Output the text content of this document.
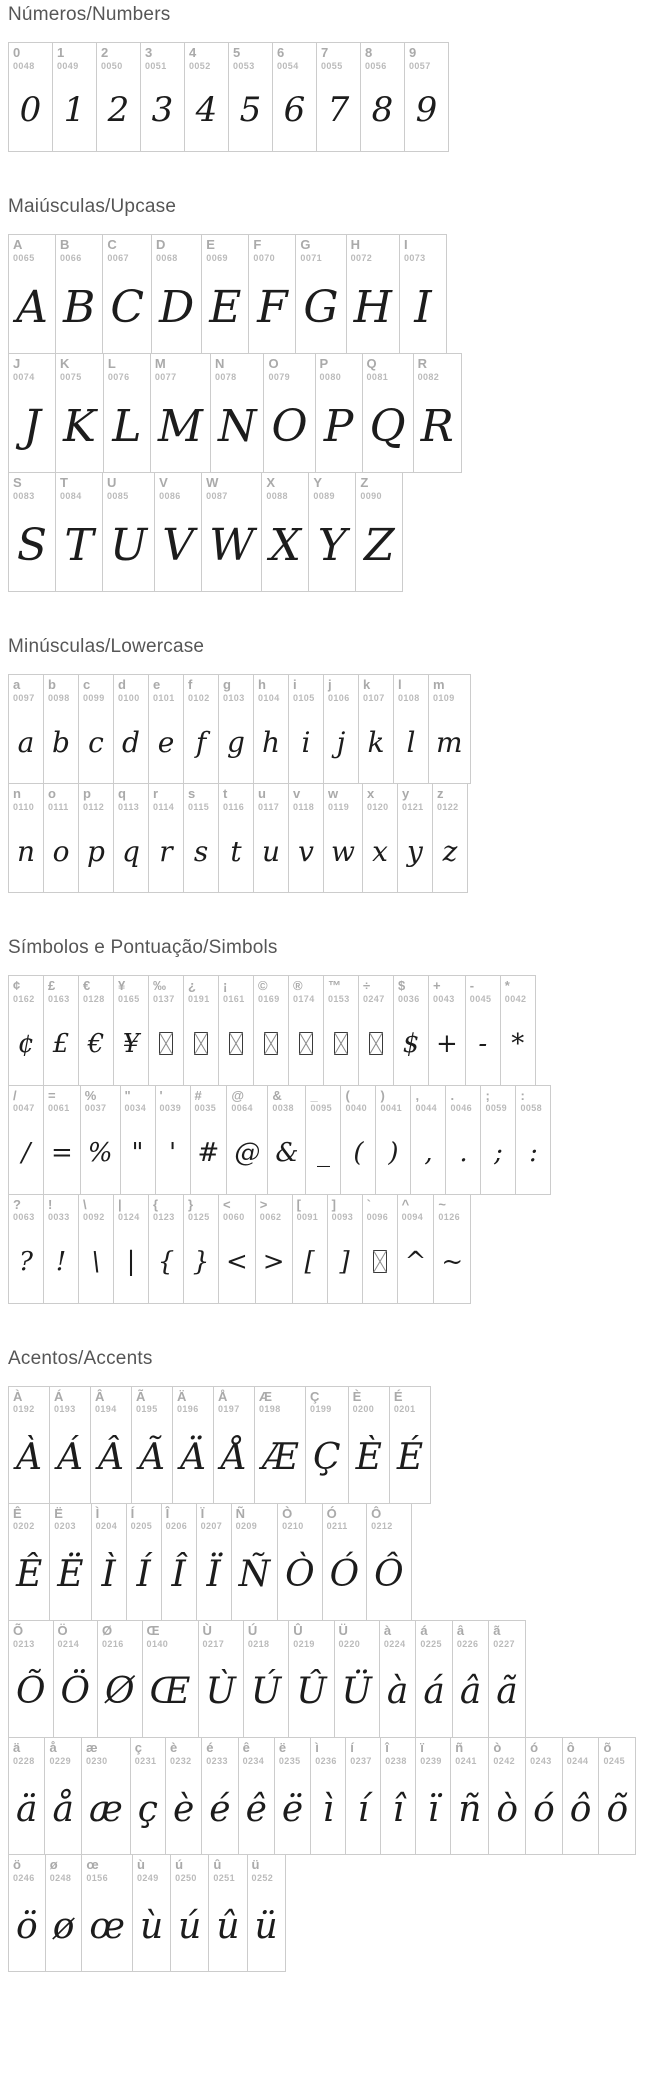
Números/Numbers
0
0048
0
1
0049
1
2
0050
2
3
0051
3
4
0052
4
5
0053
5
6
0054
6
7
0055
7
8
0056
8
9
0057
9
Maiúsculas/Upcase
A
0065
A
B
0066
B
C
0067
C
D
0068
D
E
0069
E
F
0070
F
G
0071
G
H
0072
H
I
0073
I
J
0074
J
K
0075
K
L
0076
L
M
0077
M
N
0078
N
O
0079
O
P
0080
P
Q
0081
Q
R
0082
R
S
0083
S
T
0084
T
U
0085
U
V
0086
V
W
0087
W
X
0088
X
Y
0089
Y
Z
0090
Z
Minúsculas/Lowercase
a
0097
a
b
0098
b
c
0099
c
d
0100
d
e
0101
e
f
0102
f
g
0103
g
h
0104
h
i
0105
i
j
0106
j
k
0107
k
l
0108
l
m
0109
m
n
0110
n
o
0111
o
p
0112
p
q
0113
q
r
0114
r
s
0115
s
t
0116
t
u
0117
u
v
0118
v
w
0119
w
x
0120
x
y
0121
y
z
0122
z
Símbolos e Pontuação/Simbols
¢
0162
¢
£
0163
£
€
0128
€
¥
0165
¥
‰
0137
¿
0191
¡
0161
©
0169
®
0174
™
0153
÷
0247
$
0036
$
+
0043
+
-
0045
-
*
0042
*
/
0047
/
=
0061
=
%
0037
%
"
0034
"
'
0039
'
#
0035
#
@
0064
@
&
0038
&
_
0095
_
(
0040
(
)
0041
)
,
0044
,
.
0046
.
;
0059
;
:
0058
:
?
0063
?
!
0033
!
\
0092
\
|
0124
|
{
0123
{
}
0125
}
<
0060
<
>
0062
>
[
0091
[
]
0093
]
`
0096
^
0094
^
~
0126
~
Acentos/Accents
À
0192
À
Á
0193
Á
Â
0194
Â
Ã
0195
Ã
Ä
0196
Ä
Å
0197
Å
Æ
0198
Æ
Ç
0199
Ç
È
0200
È
É
0201
É
Ê
0202
Ê
Ë
0203
Ë
Ì
0204
Ì
Í
0205
Í
Î
0206
Î
Ï
0207
Ï
Ñ
0209
Ñ
Ò
0210
Ò
Ó
0211
Ó
Ô
0212
Ô
Õ
0213
Õ
Ö
0214
Ö
Ø
0216
Ø
Œ
0140
Œ
Ù
0217
Ù
Ú
0218
Ú
Û
0219
Û
Ü
0220
Ü
à
0224
à
á
0225
á
â
0226
â
ã
0227
ã
ä
0228
ä
å
0229
å
æ
0230
æ
ç
0231
ç
è
0232
è
é
0233
é
ê
0234
ê
ë
0235
ë
ì
0236
ì
í
0237
í
î
0238
î
ï
0239
ï
ñ
0241
ñ
ò
0242
ò
ó
0243
ó
ô
0244
ô
õ
0245
õ
ö
0246
ö
ø
0248
ø
œ
0156
œ
ù
0249
ù
ú
0250
ú
û
0251
û
ü
0252
ü
